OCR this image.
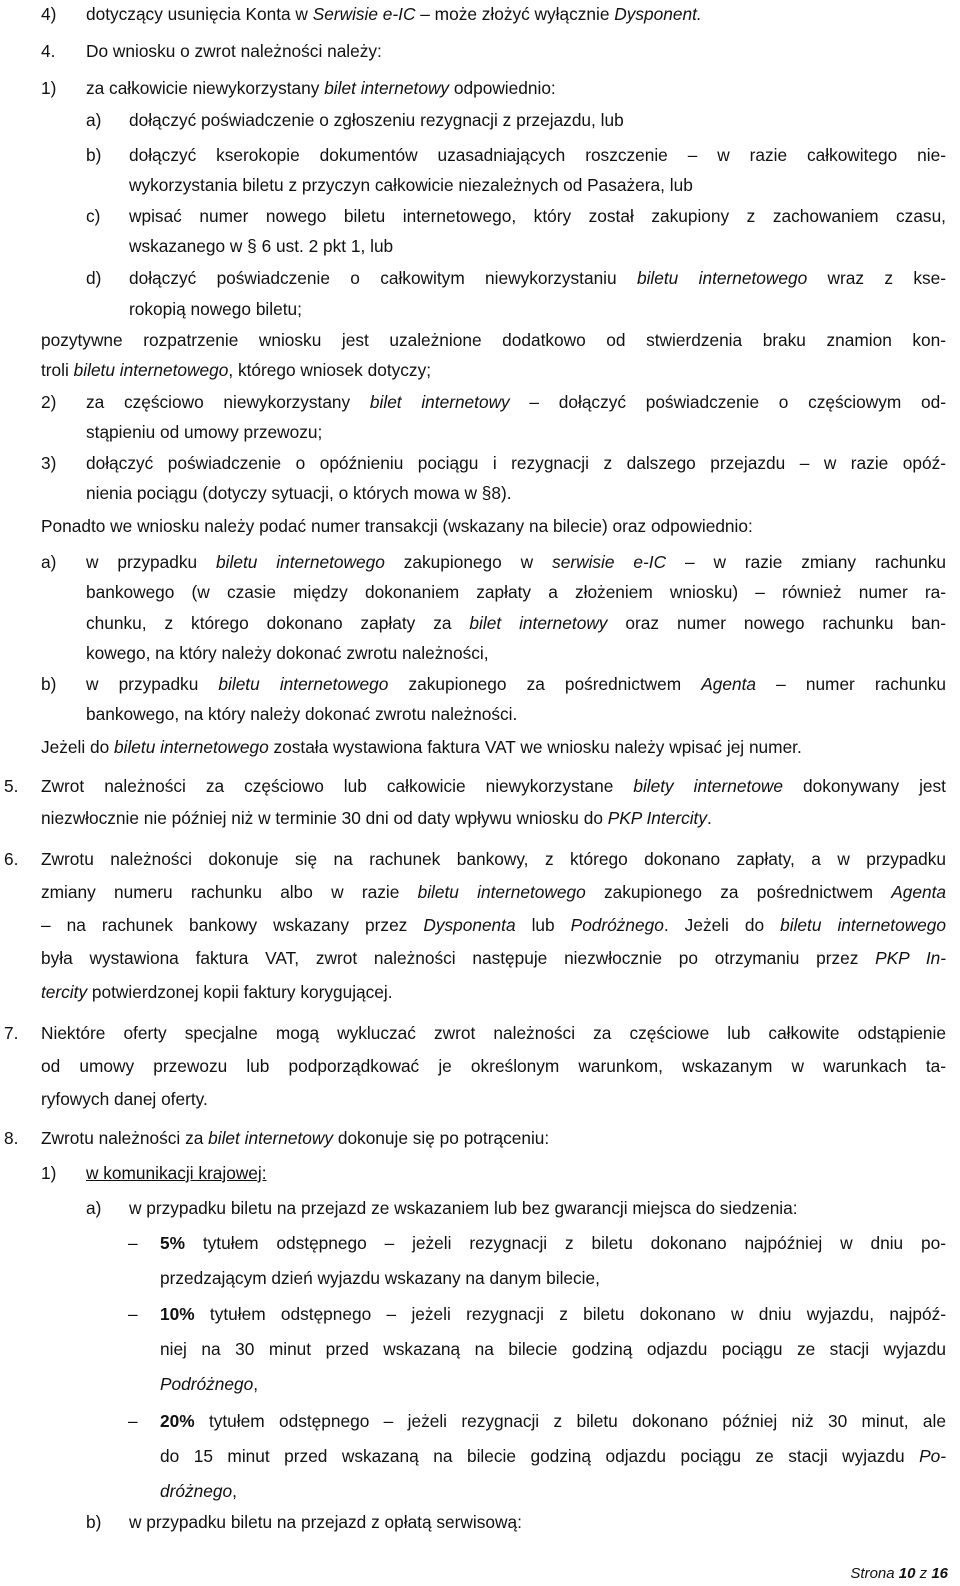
4)
4.
1)
a)
b)
c)
d)
2)
3)
a)
b)
5.
6.
7.
8.
1)
a)
–
–
–
b)
dotyczący usunięcia Konta w Serwisie e-IC – może złożyć wyłącznie Dysponent.
Do wniosku o zwrot należności należy:
za całkowicie niewykorzystany bilet internetowy odpowiednio:
dołączyć poświadczenie o zgłoszeniu rezygnacji z przejazdu, lub
dołączyć kserokopie dokumentów uzasadniających roszczenie – w razie całkowitego nie-
wykorzystania biletu z przyczyn całkowicie niezależnych od Pasażera, lub
wpisać numer nowego biletu internetowego, który został zakupiony z zachowaniem czasu,
wskazanego w § 6 ust. 2 pkt 1, lub
dołączyć poświadczenie o całkowitym niewykorzystaniu biletu internetowego wraz z kse-
rokopią nowego biletu;
pozytywne rozpatrzenie wniosku jest uzależnione dodatkowo od stwierdzenia braku znamion kon-
troli biletu internetowego, którego wniosek dotyczy;
za częściowo niewykorzystany bilet internetowy – dołączyć poświadczenie o częściowym od-
stąpieniu od umowy przewozu;
dołączyć poświadczenie o opóźnieniu pociągu i rezygnacji z dalszego przejazdu – w razie opóź-
nienia pociągu (dotyczy sytuacji, o których mowa w §8).
Ponadto we wniosku należy podać numer transakcji (wskazany na bilecie) oraz odpowiednio:
w przypadku biletu internetowego zakupionego w serwisie e-IC – w razie zmiany rachunku
bankowego (w czasie między dokonaniem zapłaty a złożeniem wniosku) – również numer ra-
chunku, z którego dokonano zapłaty za bilet internetowy oraz numer nowego rachunku ban-
kowego, na który należy dokonać zwrotu należności,
w przypadku biletu internetowego zakupionego za pośrednictwem Agenta – numer rachunku
bankowego, na który należy dokonać zwrotu należności.
Jeżeli do biletu internetowego została wystawiona faktura VAT we wniosku należy wpisać jej numer.
Zwrot należności za częściowo lub całkowicie niewykorzystane bilety internetowe dokonywany jest
niezwłocznie nie później niż w terminie 30 dni od daty wpływu wniosku do PKP Intercity.
Zwrotu należności dokonuje się na rachunek bankowy, z którego dokonano zapłaty, a w przypadku
zmiany numeru rachunku albo w razie biletu internetowego zakupionego za pośrednictwem Agenta
– na rachunek bankowy wskazany przez Dysponenta lub Podróżnego. Jeżeli do biletu internetowego
była wystawiona faktura VAT, zwrot należności następuje niezwłocznie po otrzymaniu przez PKP In-
tercity potwierdzonej kopii faktury korygującej.
Niektóre oferty specjalne mogą wykluczać zwrot należności za częściowe lub całkowite odstąpienie
od umowy przewozu lub podporządkować je określonym warunkom, wskazanym w warunkach ta-
ryfowych danej oferty.
Zwrotu należności za bilet internetowy dokonuje się po potrąceniu:
w komunikacji krajowej:
w przypadku biletu na przejazd ze wskazaniem lub bez gwarancji miejsca do siedzenia:
5% tytułem odstępnego – jeżeli rezygnacji z biletu dokonano najpóźniej w dniu po-
przedzającym dzień wyjazdu wskazany na danym bilecie,
10% tytułem odstępnego – jeżeli rezygnacji z biletu dokonano w dniu wyjazdu, najpóź-
niej na 30 minut przed wskazaną na bilecie godziną odjazdu pociągu ze stacji wyjazdu
Podróżnego,
20% tytułem odstępnego – jeżeli rezygnacji z biletu dokonano później niż 30 minut, ale
do 15 minut przed wskazaną na bilecie godziną odjazdu pociągu ze stacji wyjazdu Po-
dróżnego,
w przypadku biletu na przejazd z opłatą serwisową:
Strona 10 z 16
